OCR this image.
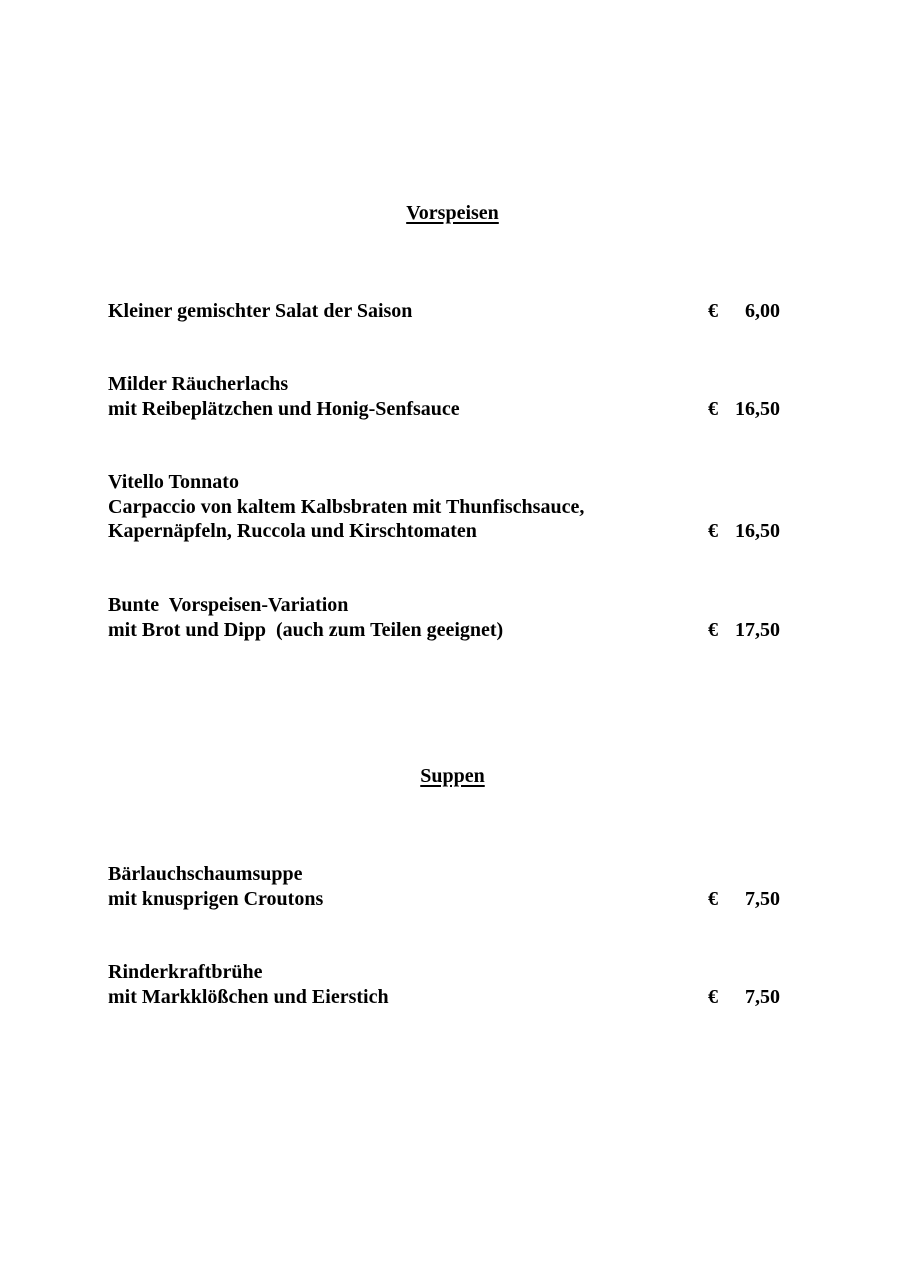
Vorspeisen
Kleiner gemischter Salat der Saison	€ 6,00
Milder Räucherlachs
mit Reibeplätzchen und Honig-Senfsauce	€ 16,50
Vitello Tonnato
Carpaccio von kaltem Kalbsbraten mit Thunfischsauce,
Kapernäpfeln, Ruccola und Kirschtomaten	€ 16,50
Bunte  Vorspeisen-Variation
mit Brot und Dipp  (auch zum Teilen geeignet)	€ 17,50
Suppen
Bärlauchschaumsuppe
mit knusprigen Croutons	€ 7,50
Rinderkraftbrühe
mit Markklößchen und Eierstich	€ 7,50
